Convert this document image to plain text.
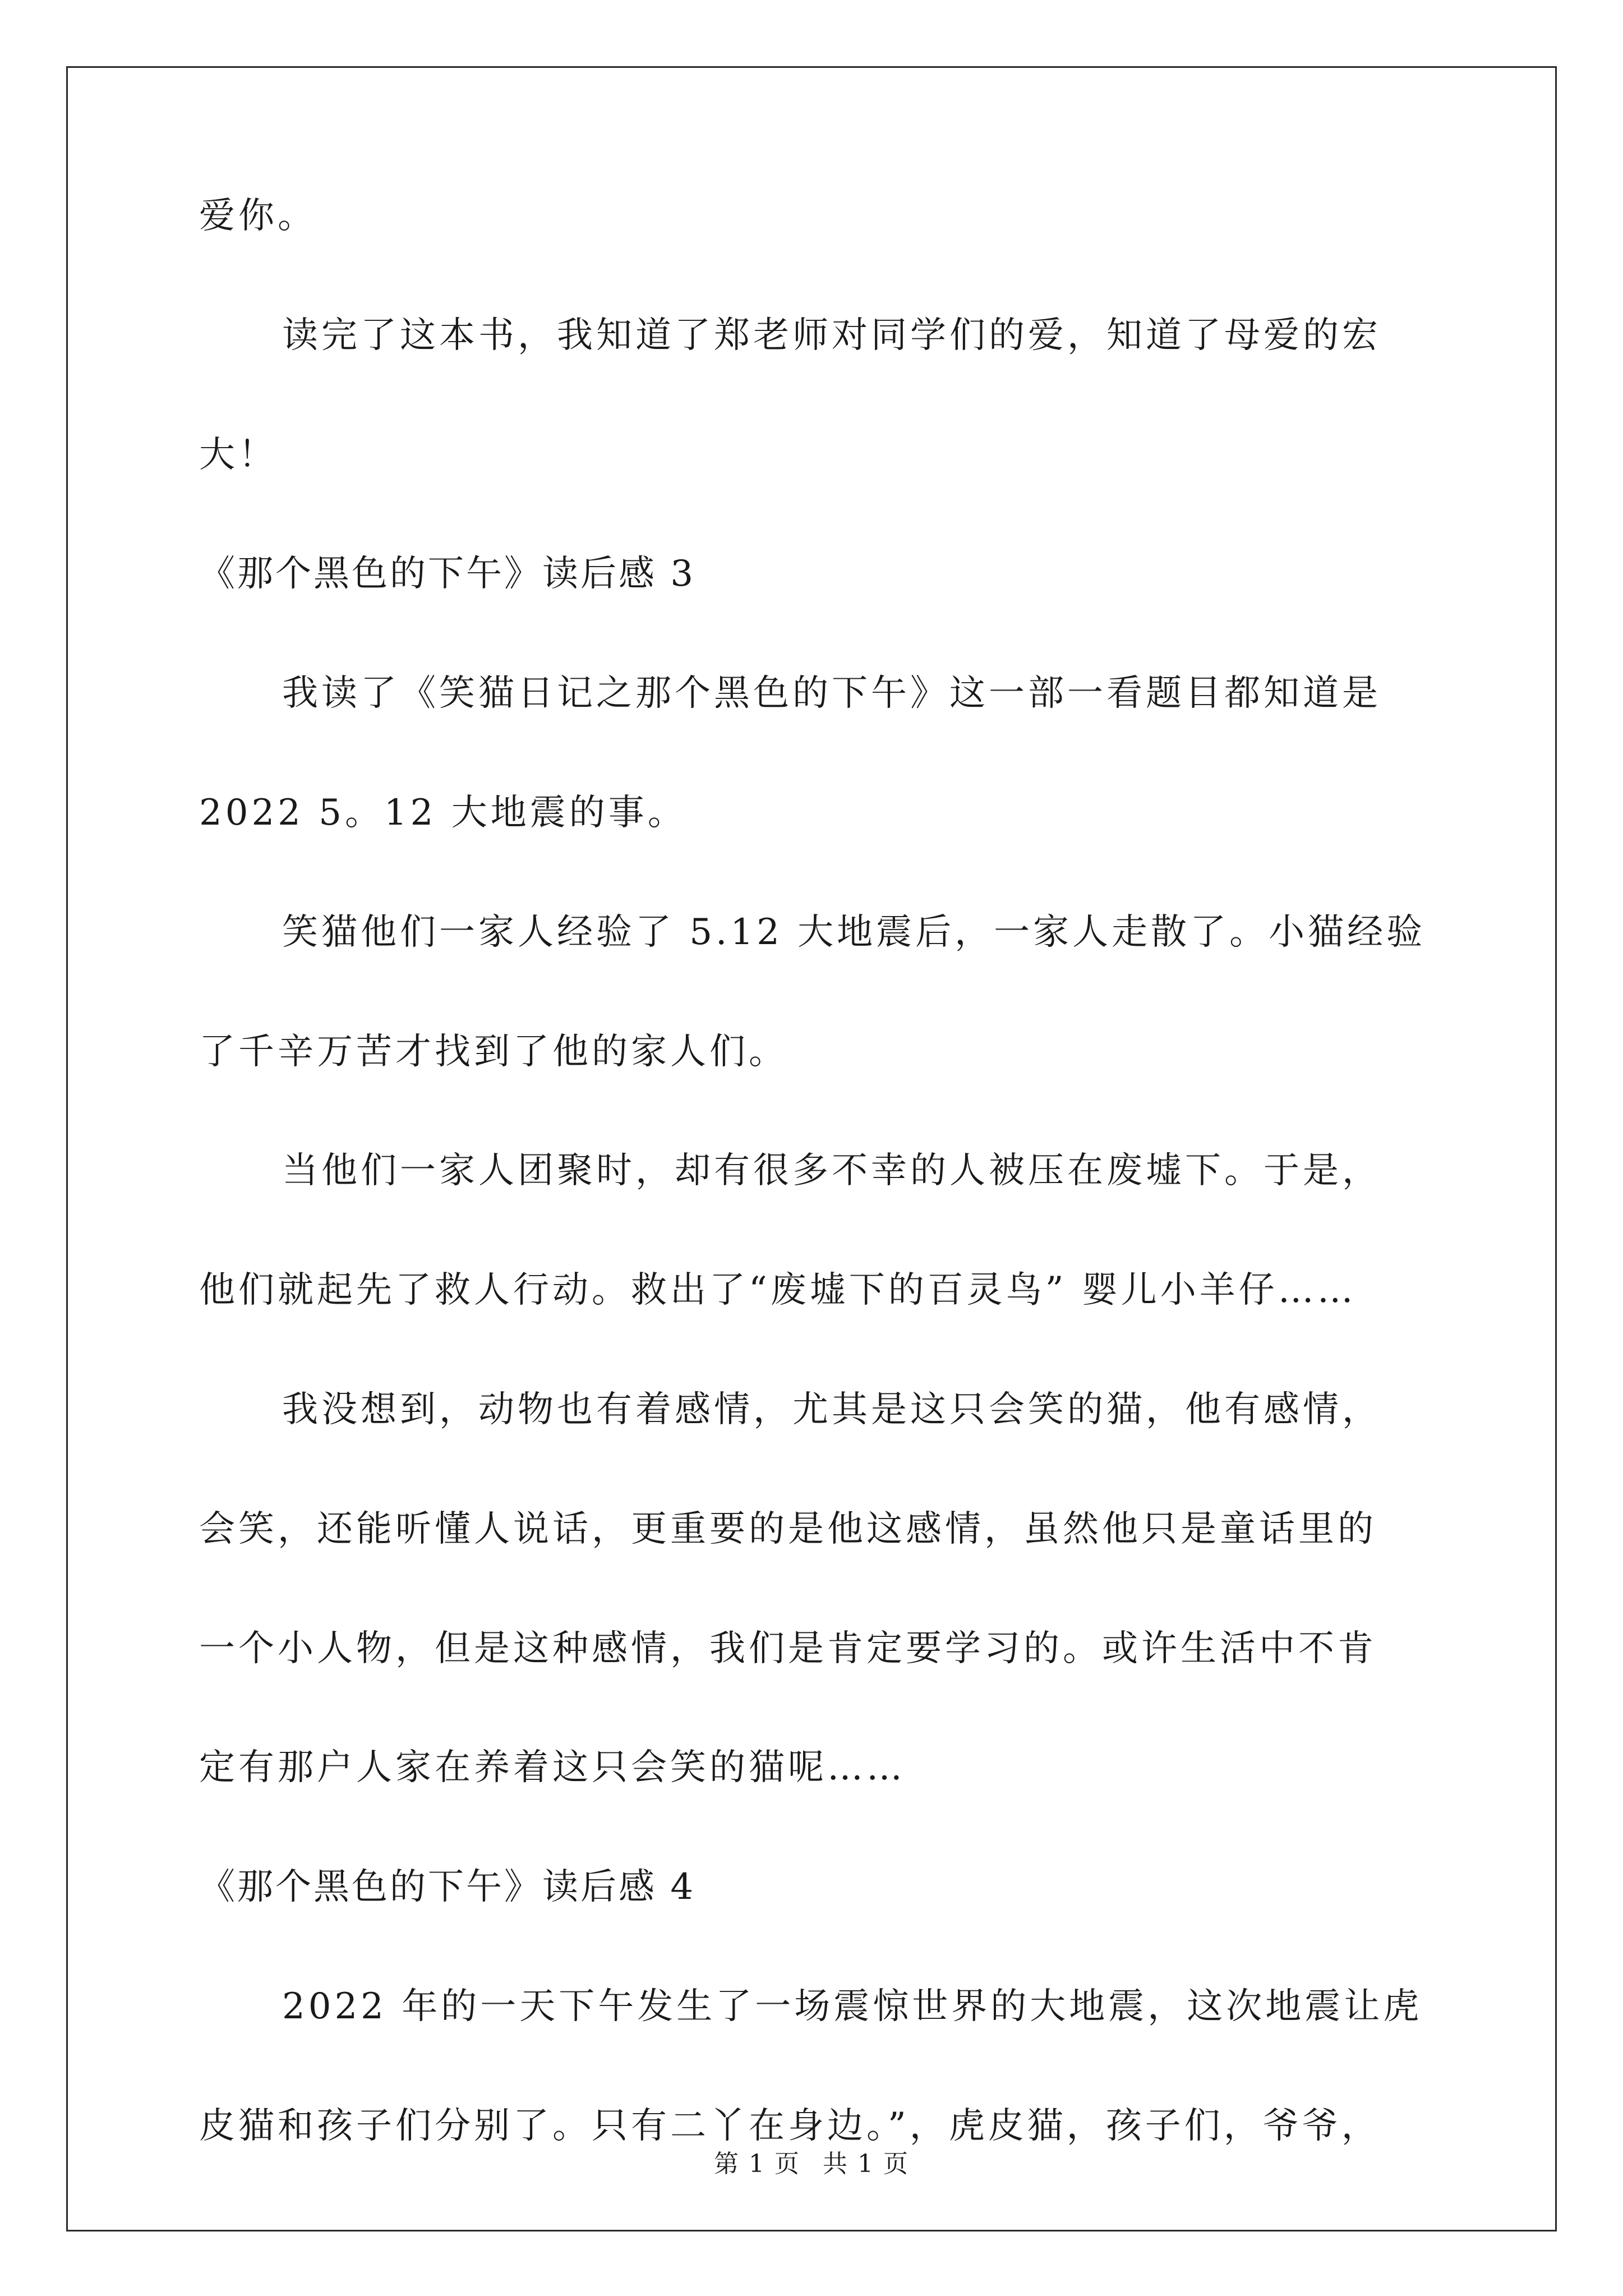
爱你。
读完了这本书，我知道了郑老师对同学们的爱，知道了母爱的宏
大！
《那个黑色的下午》读后感 3
我读了《笑猫日记之那个黑色的下午》这一部一看题目都知道是
2022 5。12 大地震的事。
笑猫他们一家人经验了 5.12 大地震后，一家人走散了。小猫经验
了千辛万苦才找到了他的家人们。
当他们一家人团聚时，却有很多不幸的人被压在废墟下。于是，
他们就起先了救人行动。救出了“废墟下的百灵鸟” 婴儿小羊仔……
我没想到，动物也有着感情，尤其是这只会笑的猫，他有感情，
会笑，还能听懂人说话，更重要的是他这感情，虽然他只是童话里的
一个小人物，但是这种感情，我们是肯定要学习的。或许生活中不肯
定有那户人家在养着这只会笑的猫呢……
《那个黑色的下午》读后感 4
2022 年的一天下午发生了一场震惊世界的大地震，这次地震让虎
皮猫和孩子们分别了。只有二丫在身边。”，虎皮猫，孩子们，爷爷，
第 1 页 共 1 页
